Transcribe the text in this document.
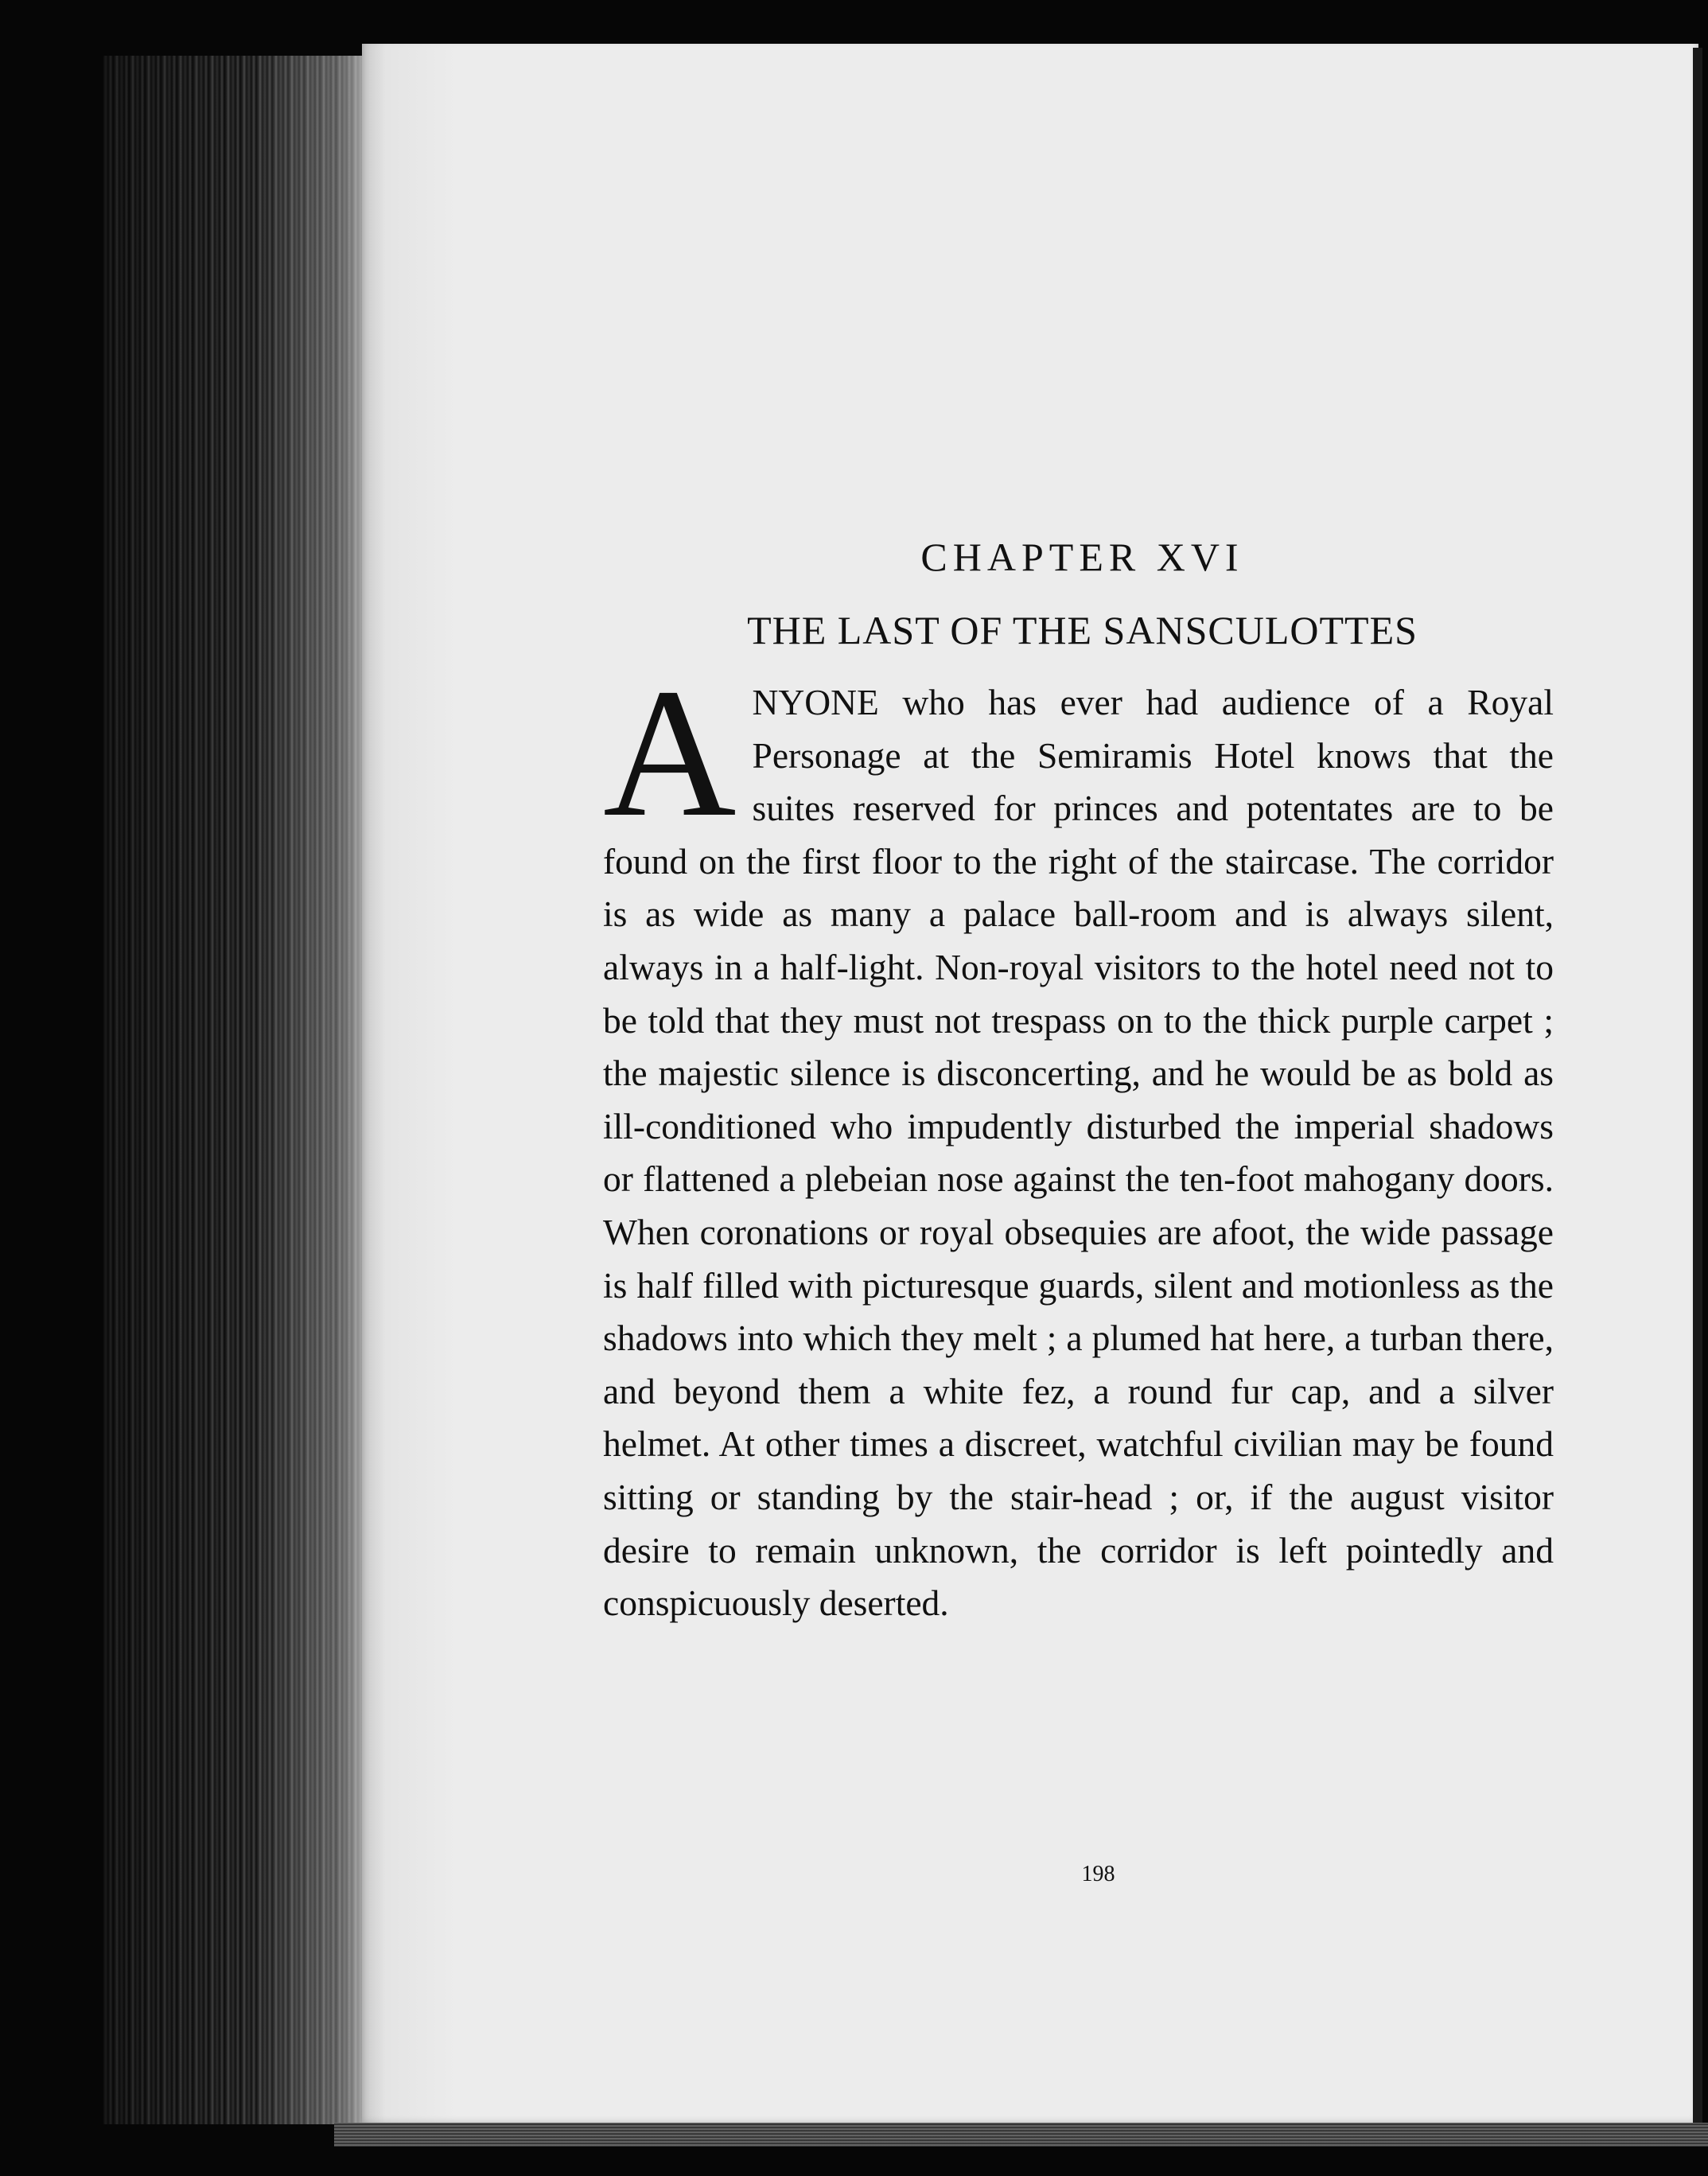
CHAPTER XVI
THE LAST OF THE SANSCULOTTES

ANYONE who has ever had audience of a Royal Personage at the Semiramis Hotel knows that the suites reserved for princes and potentates are to be found on the first floor to the right of the staircase. The corridor is as wide as many a palace ball-room and is always silent, always in a half-light. Non-royal visitors to the hotel need not to be told that they must not trespass on to the thick purple carpet ; the majestic silence is disconcerting, and he would be as bold as ill-conditioned who impudently disturbed the imperial shadows or flattened a plebeian nose against the ten-foot mahogany doors. When coronations or royal obsequies are afoot, the wide passage is half filled with picturesque guards, silent and motionless as the shadows into which they melt ; a plumed hat here, a turban there, and beyond them a white fez, a round fur cap, and a silver helmet. At other times a discreet, watchful civilian may be found sitting or standing by the stair-head ; or, if the august visitor desire to remain unknown, the corridor is left pointedly and conspicuously deserted.

198
